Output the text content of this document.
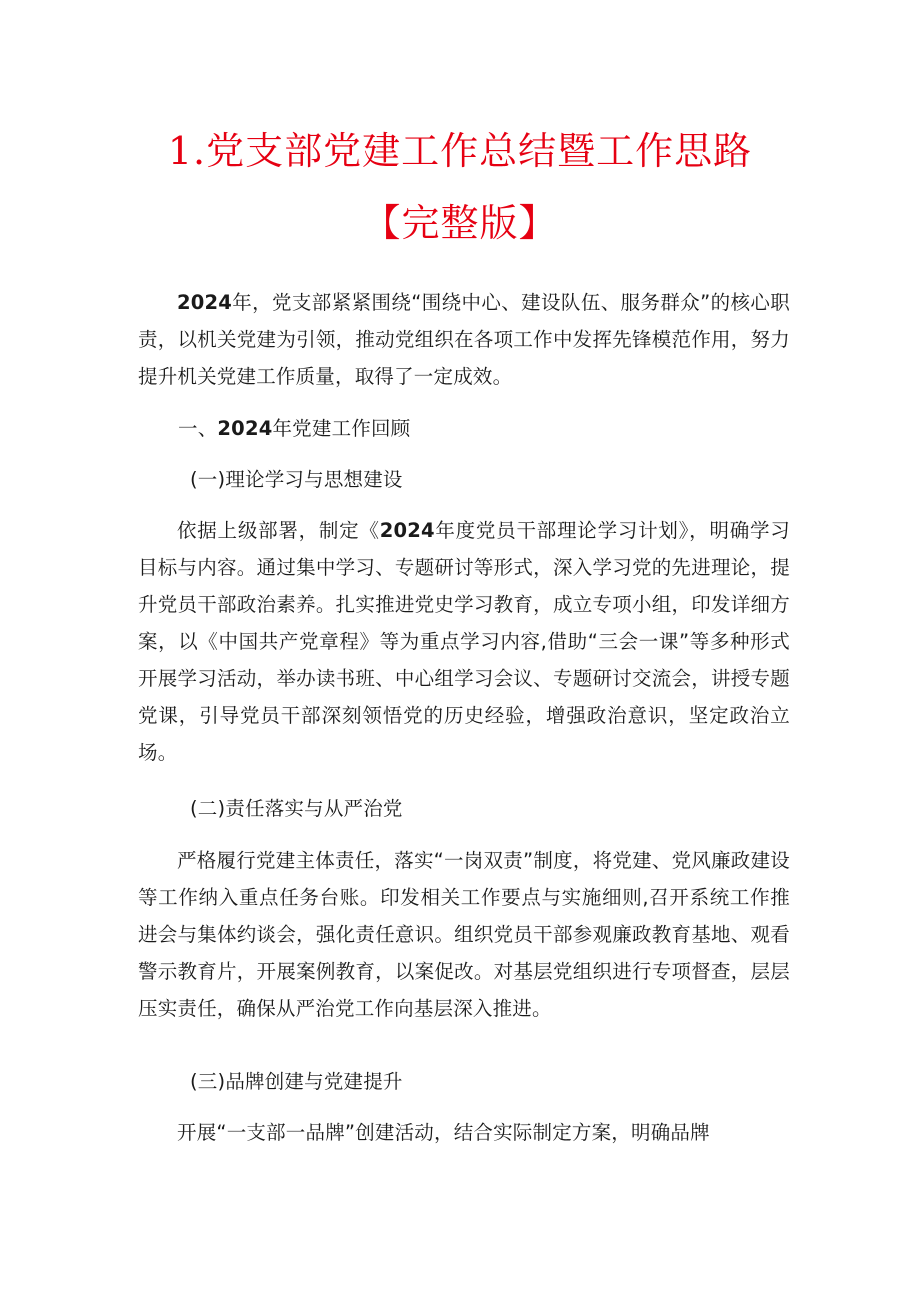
1.党支部党建工作总结暨工作思路
【完整版】

2024年，党支部紧紧围绕“围绕中心、建设队伍、服务群众”的核心职责，以机关党建为引领，推动党组织在各项工作中发挥先锋模范作用，努力提升机关党建工作质量，取得了一定成效。

一、2024年党建工作回顾

(一)理论学习与思想建设

依据上级部署，制定《2024年度党员干部理论学习计划》，明确学习目标与内容。通过集中学习、专题研讨等形式，深入学习党的先进理论，提升党员干部政治素养。扎实推进党史学习教育，成立专项小组，印发详细方案，以《中国共产党章程》等为重点学习内容,借助“三会一课”等多种形式开展学习活动，举办读书班、中心组学习会议、专题研讨交流会，讲授专题党课，引导党员干部深刻领悟党的历史经验，增强政治意识，坚定政治立场。

(二)责任落实与从严治党

严格履行党建主体责任，落实“一岗双责”制度，将党建、党风廉政建设等工作纳入重点任务台账。印发相关工作要点与实施细则,召开系统工作推进会与集体约谈会，强化责任意识。组织党员干部参观廉政教育基地、观看警示教育片，开展案例教育，以案促改。对基层党组织进行专项督查，层层压实责任，确保从严治党工作向基层深入推进。

(三)品牌创建与党建提升

开展“一支部一品牌”创建活动，结合实际制定方案，明确品牌
